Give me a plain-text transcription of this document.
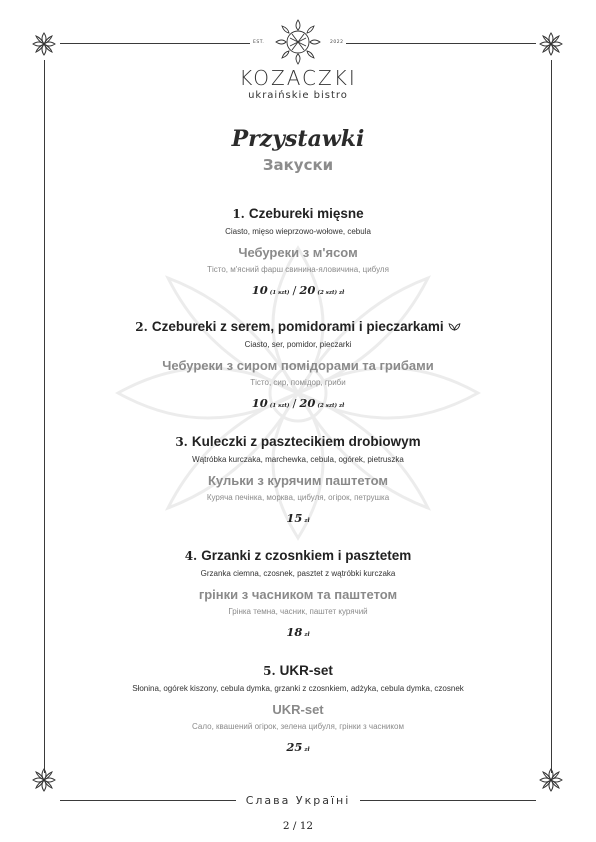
EST.	2022
KOZACZKI
ukraińskie bistro
Przystawki
Закуски
1. Czebureki mięsne
Ciasto, mięso wieprzowo-wołowe, cebula
Чебуреки з м'ясом
Тісто, м'ясний фарш свинина-яловичина, цибуля
10 (1 szt) / 20 (2 szt) zł
2. Czebureki z serem, pomidorami i pieczarkami
Ciasto, ser, pomidor, pieczarki
Чебуреки з сиром помідорами та грибами
Тісто, сир, помідор, гриби
10 (1 szt) / 20 (2 szt) zł
3. Kuleczki z pasztecikiem drobiowym
Wątróbka kurczaka, marchewka, cebula, ogórek, pietruszka
Кульки з курячим паштетом
Куряча печінка, морква, цибуля, огірок, петрушка
15 zł
4. Grzanki z czosnkiem i pasztetem
Grzanka ciemna, czosnek, pasztet z wątróbki kurczaka
грінки з часником та паштетом
Грінка темна, часник, паштет курячий
18 zł
5. UKR-set
Słonina, ogórek kiszony, cebula dymka, grzanki z czosnkiem, adżyka, cebula dymka, czosnek
UKR-set
Сало, квашений огірок, зелена цибуля, грінки з часником
25 zł
Слава Україні
2 / 12
